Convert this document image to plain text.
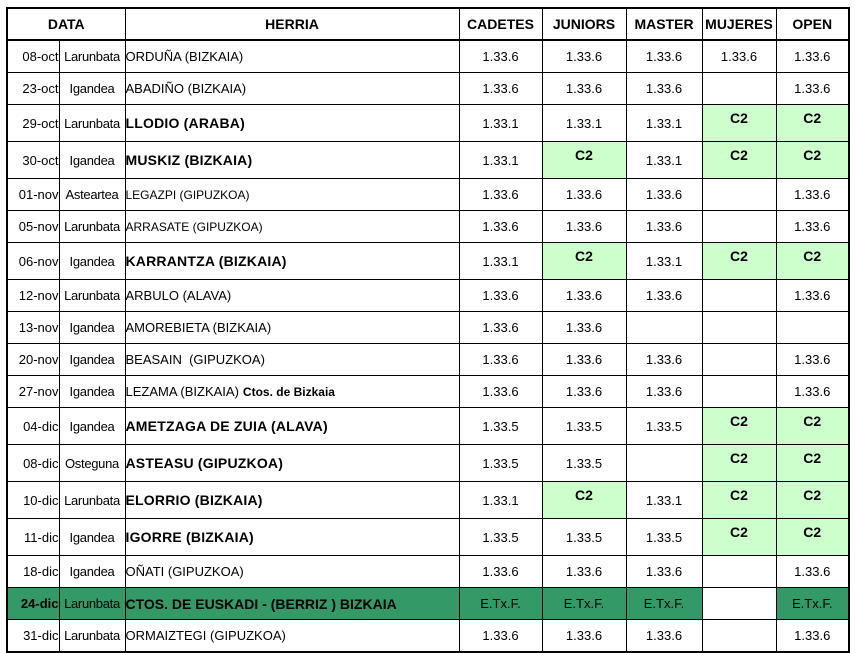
DATA		HERRIA	CADETES	JUNIORS	MASTER	MUJERES	OPEN
08-oct	Larunbata	ORDUÑA (BIZKAIA)	1.33.6	1.33.6	1.33.6	1.33.6	1.33.6
23-oct	Igandea	ABADIÑO (BIZKAIA)	1.33.6	1.33.6	1.33.6		1.33.6
29-oct	Larunbata	LLODIO (ARABA)	1.33.1	1.33.1	1.33.1	C2	C2
30-oct	Igandea	MUSKIZ (BIZKAIA)	1.33.1	C2	1.33.1	C2	C2
01-nov	Asteartea	LEGAZPI (GIPUZKOA)	1.33.6	1.33.6	1.33.6		1.33.6
05-nov	Larunbata	ARRASATE (GIPUZKOA)	1.33.6	1.33.6	1.33.6		1.33.6
06-nov	Igandea	KARRANTZA (BIZKAIA)	1.33.1	C2	1.33.1	C2	C2
12-nov	Larunbata	ARBULO (ALAVA)	1.33.6	1.33.6	1.33.6		1.33.6
13-nov	Igandea	AMOREBIETA (BIZKAIA)	1.33.6	1.33.6			
20-nov	Igandea	BEASAIN  (GIPUZKOA)	1.33.6	1.33.6	1.33.6		1.33.6
27-nov	Igandea	LEZAMA (BIZKAIA) Ctos. de Bizkaia	1.33.6	1.33.6	1.33.6		1.33.6
04-dic	Igandea	AMETZAGA DE ZUIA (ALAVA)	1.33.5	1.33.5	1.33.5	C2	C2
08-dic	Osteguna	ASTEASU (GIPUZKOA)	1.33.5	1.33.5		C2	C2
10-dic	Larunbata	ELORRIO (BIZKAIA)	1.33.1	C2	1.33.1	C2	C2
11-dic	Igandea	IGORRE (BIZKAIA)	1.33.5	1.33.5	1.33.5	C2	C2
18-dic	Igandea	OÑATI (GIPUZKOA)	1.33.6	1.33.6	1.33.6		1.33.6
24-dic	Larunbata	CTOS. DE EUSKADI - (BERRIZ ) BIZKAIA	E.Tx.F.	E.Tx.F.	E.Tx.F.		E.Tx.F.
31-dic	Larunbata	ORMAIZTEGI (GIPUZKOA)	1.33.6	1.33.6	1.33.6		1.33.6
